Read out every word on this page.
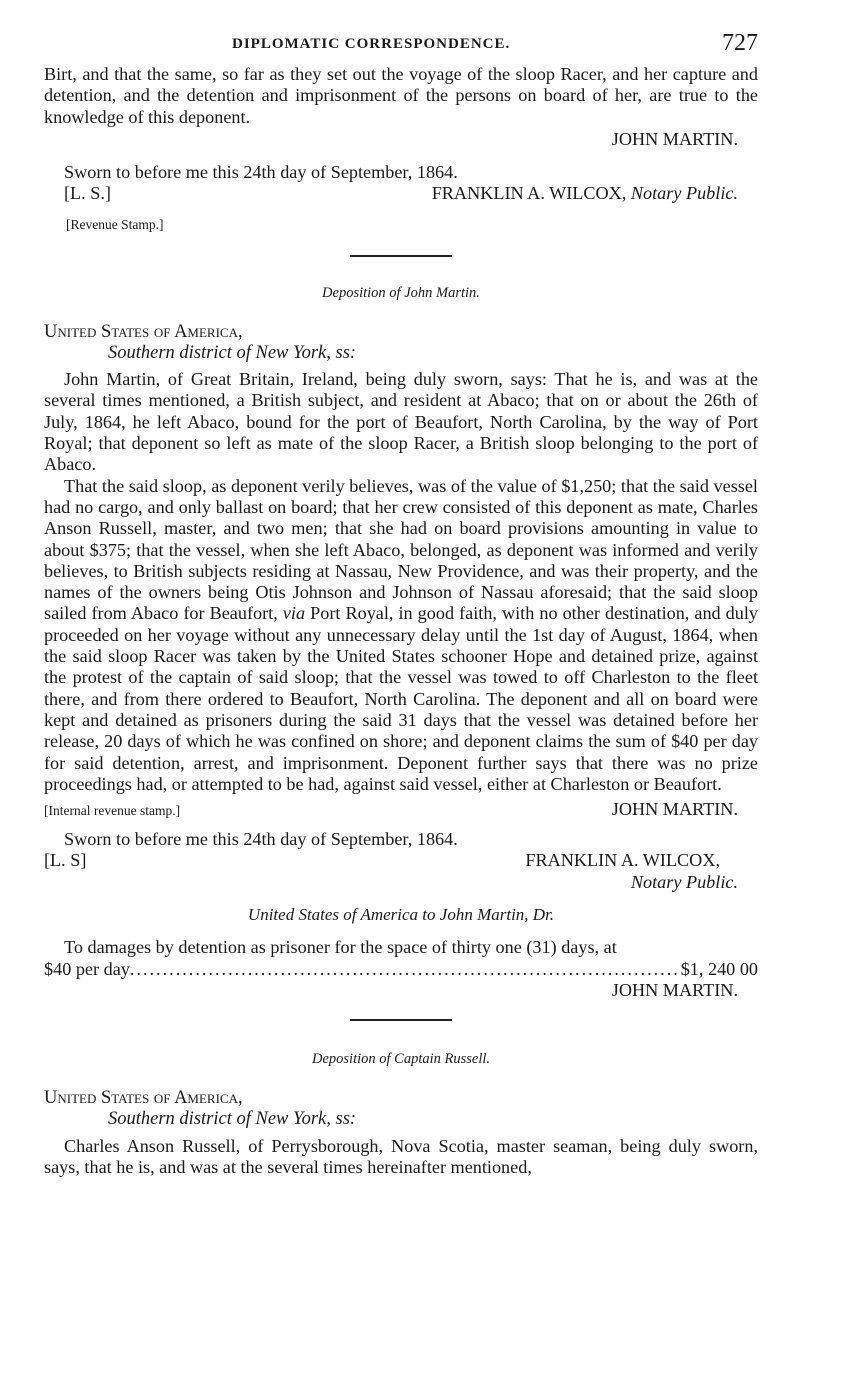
DIPLOMATIC CORRESPONDENCE.	727

Birt, and that the same, so far as they set out the voyage of the sloop Racer, and her capture and detention, and the detention and imprisonment of the persons on board of her, are true to the knowledge of this deponent.

JOHN MARTIN.

Sworn to before me this 24th day of September, 1864.

[L. S.]	FRANKLIN A. WILCOX, Notary Public.

[Revenue Stamp.]

Deposition of John Martin.

United States of America,

Southern district of New York, ss:

John Martin, of Great Britain, Ireland, being duly sworn, says: That he is, and was at the several times mentioned, a British subject, and resident at Abaco; that on or about the 26th of July, 1864, he left Abaco, bound for the port of Beaufort, North Carolina, by the way of Port Royal; that deponent so left as mate of the sloop Racer, a British sloop belonging to the port of Abaco.

That the said sloop, as deponent verily believes, was of the value of $1,250; that the said vessel had no cargo, and only ballast on board; that her crew consisted of this deponent as mate, Charles Anson Russell, master, and two men; that she had on board provisions amounting in value to about $375; that the vessel, when she left Abaco, belonged, as deponent was informed and verily believes, to British subjects residing at Nassau, New Providence, and was their property, and the names of the owners being Otis Johnson and Johnson of Nassau aforesaid; that the said sloop sailed from Abaco for Beaufort, via Port Royal, in good faith, with no other destination, and duly proceeded on her voyage without any unnecessary delay until the 1st day of August, 1864, when the said sloop Racer was taken by the United States schooner Hope and detained prize, against the protest of the captain of said sloop; that the vessel was towed to off Charleston to the fleet there, and from there ordered to Beaufort, North Carolina. The deponent and all on board were kept and detained as prisoners during the said 31 days that the vessel was detained before her release, 20 days of which he was confined on shore; and deponent claims the sum of $40 per day for said detention, arrest, and imprisonment. Deponent further says that there was no prize proceedings had, or attempted to be had, against said vessel, either at Charleston or Beaufort.

[Internal revenue stamp.]	JOHN MARTIN.

Sworn to before me this 24th day of September, 1864.

[L. S]	FRANKLIN A. WILCOX,

Notary Public.

United States of America to John Martin, Dr.

To damages by detention as prisoner for the space of thirty one (31) days, at

$40 per day
.....	$1, 240 00

JOHN MARTIN.

Deposition of Captain Russell.

United States of America,

Southern district of New York, ss:

Charles Anson Russell, of Perrysborough, Nova Scotia, master seaman, being duly sworn, says, that he is, and was at the several times hereinafter mentioned,
